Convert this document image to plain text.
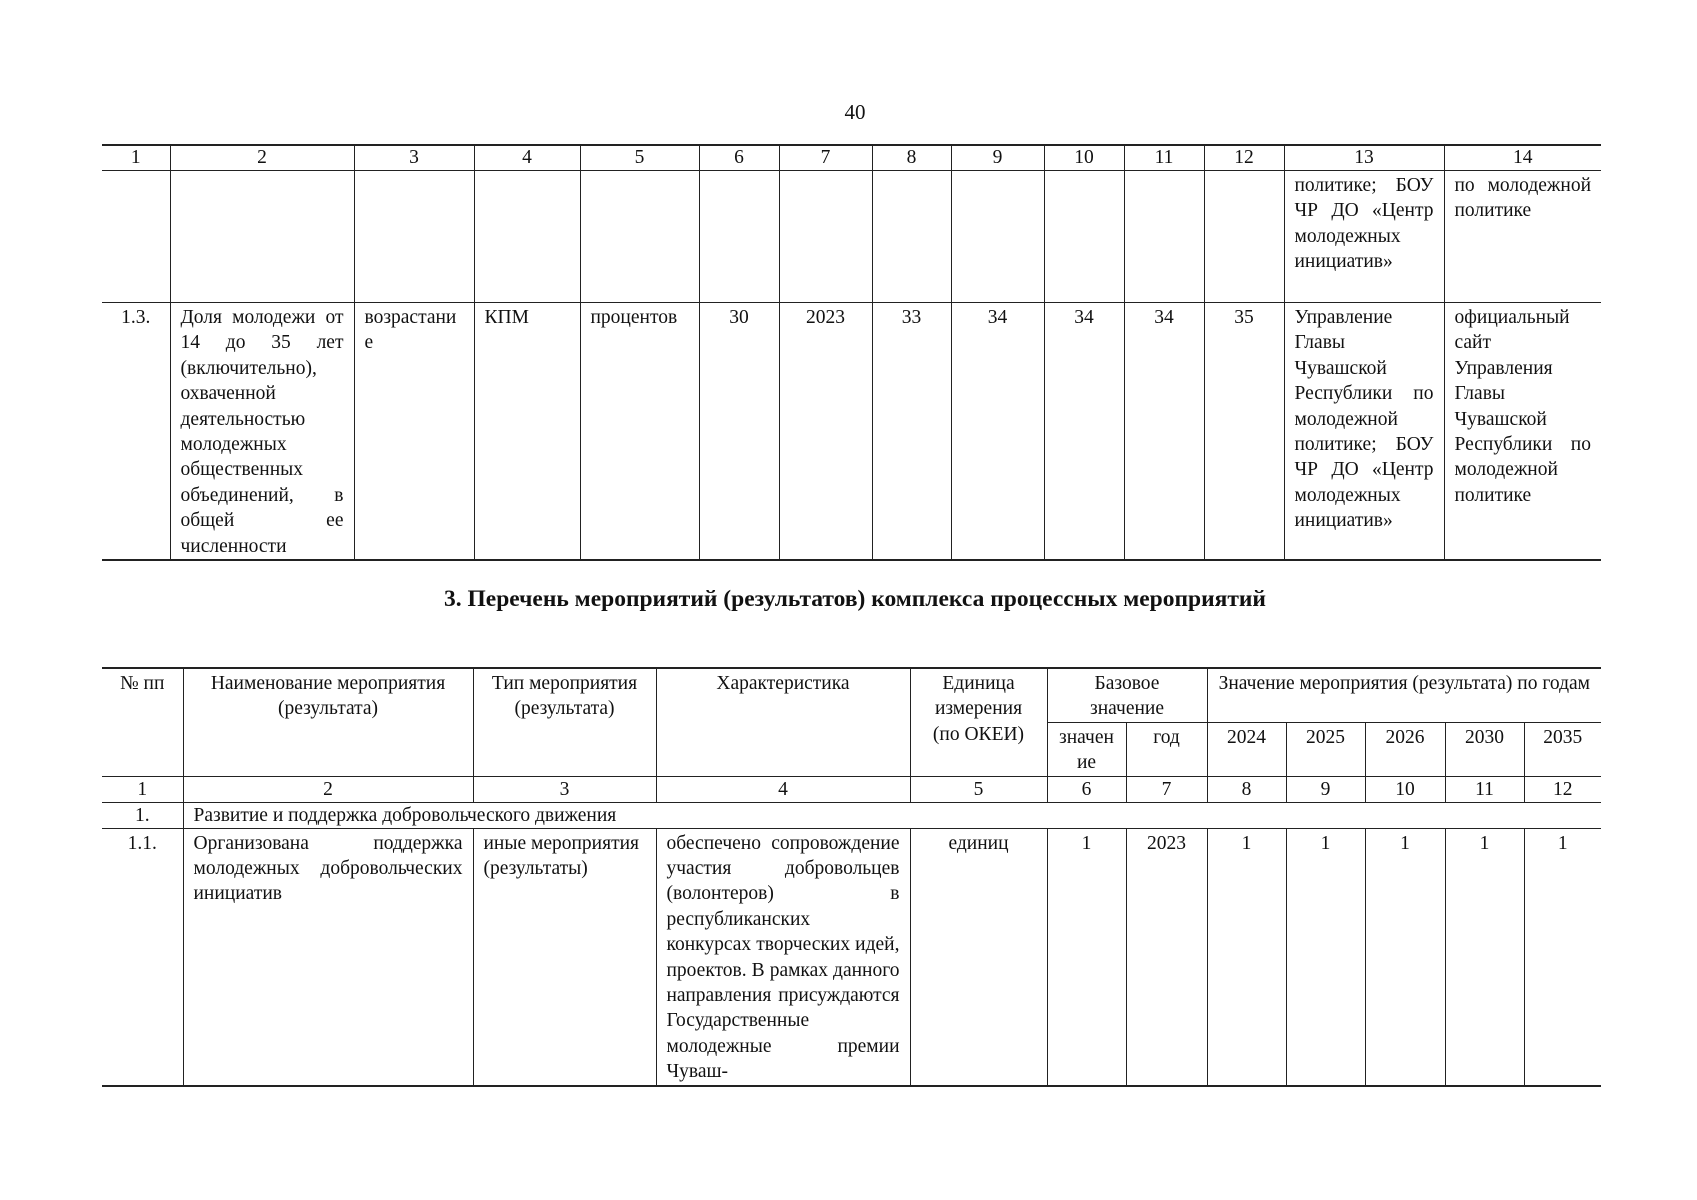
40
1	2	3	4	5	6	7	8	9	10	11	12	13	14
												политике; БОУ ЧР ДО «Центр молодежных инициатив»	по молодежной политике
1.3.	Доля молодежи от 14 до 35 лет (включительно), охваченной деятельностью молодежных общественных объединений, в общей ее численности	возрастание	КПМ	процентов	30	2023	33	34	34	34	35	Управление Главы Чувашской Республики по молодежной политике; БОУ ЧР ДО «Центр молодежных инициатив»	официальный сайт Управления Главы Чувашской Республики по молодежной политике
3. Перечень мероприятий (результатов) комплекса процессных мероприятий
№ пп	Наименование мероприятия (результата)	Тип мероприятия (результата)	Характеристика	Единица измерения (по ОКЕИ)	Базовое значение		Значение мероприятия (результата) по годам				
					значение	год	2024	2025	2026	2030	2035
1	2	3	4	5	6	7	8	9	10	11	12
1.	Развитие и поддержка добровольческого движения										
1.1.	Организована поддержка молодежных добровольческих инициатив	иные мероприятия (результаты)	обеспечено сопровождение участия добровольцев (волонтеров) в республиканских конкурсах творческих идей, проектов. В рамках данного направления присуждаются Государственные молодежные премии Чуваш-	единиц	1	2023	1	1	1	1	1
